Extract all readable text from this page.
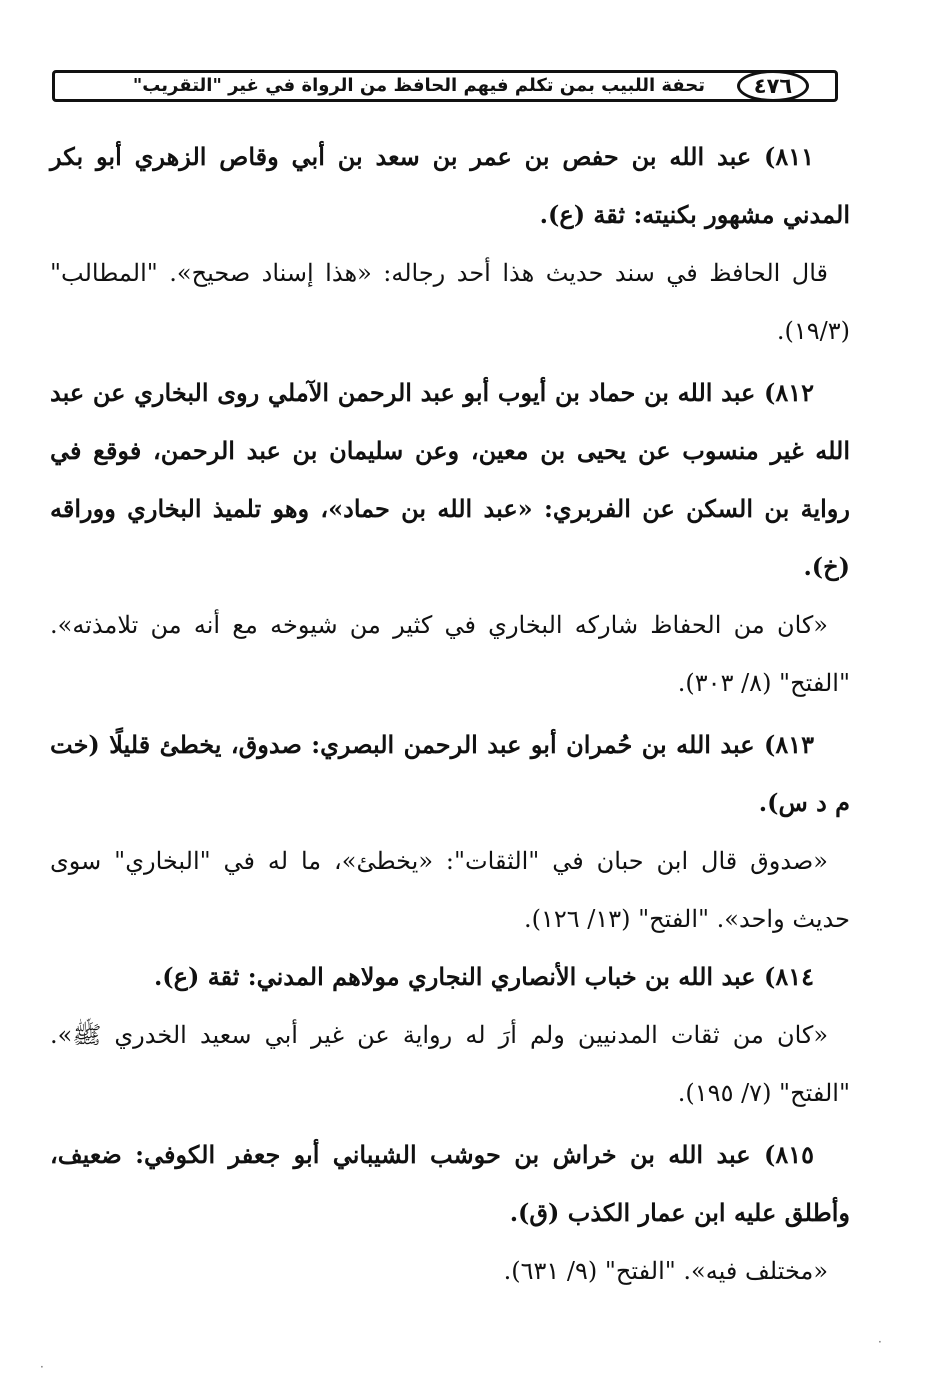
٤٧٦
تحفة اللبيب بمن تكلم فيهم الحافظ من الرواة في غير "التقريب"

٨١١) عبد الله بن حفص بن عمر بن سعد بن أبي وقاص الزهري أبو بكر المدني مشهور بكنيته: ثقة (ع).

قال الحافظ في سند حديث هذا أحد رجاله: «هذا إسناد صحيح». "المطالب" (١٩/٣).

٨١٢) عبد الله بن حماد بن أيوب أبو عبد الرحمن الآملي روى البخاري عن عبد الله غير منسوب عن يحيى بن معين، وعن سليمان بن عبد الرحمن، فوقع في رواية بن السكن عن الفربري: «عبد الله بن حماد»، وهو تلميذ البخاري ووراقه (خ).

«كان من الحفاظ شاركه البخاري في كثير من شيوخه مع أنه من تلامذته». "الفتح" (٨/ ٣٠٣).

٨١٣) عبد الله بن حُمران أبو عبد الرحمن البصري: صدوق، يخطئ قليلًا (خت م د س).

«صدوق قال ابن حبان في "الثقات": «يخطئ»، ما له في "البخاري" سوى حديث واحد». "الفتح" (١٣/ ١٢٦).

٨١٤) عبد الله بن خباب الأنصاري النجاري مولاهم المدني: ثقة (ع).

«كان من ثقات المدنيين ولم أرَ له رواية عن غير أبي سعيد الخدري ﷺ». "الفتح" (٧/ ١٩٥).

٨١٥) عبد الله بن خراش بن حوشب الشيباني أبو جعفر الكوفي: ضعيف، وأطلق عليه ابن عمار الكذب (ق).

«مختلف فيه». "الفتح" (٩/ ٦٣١).

·
·
